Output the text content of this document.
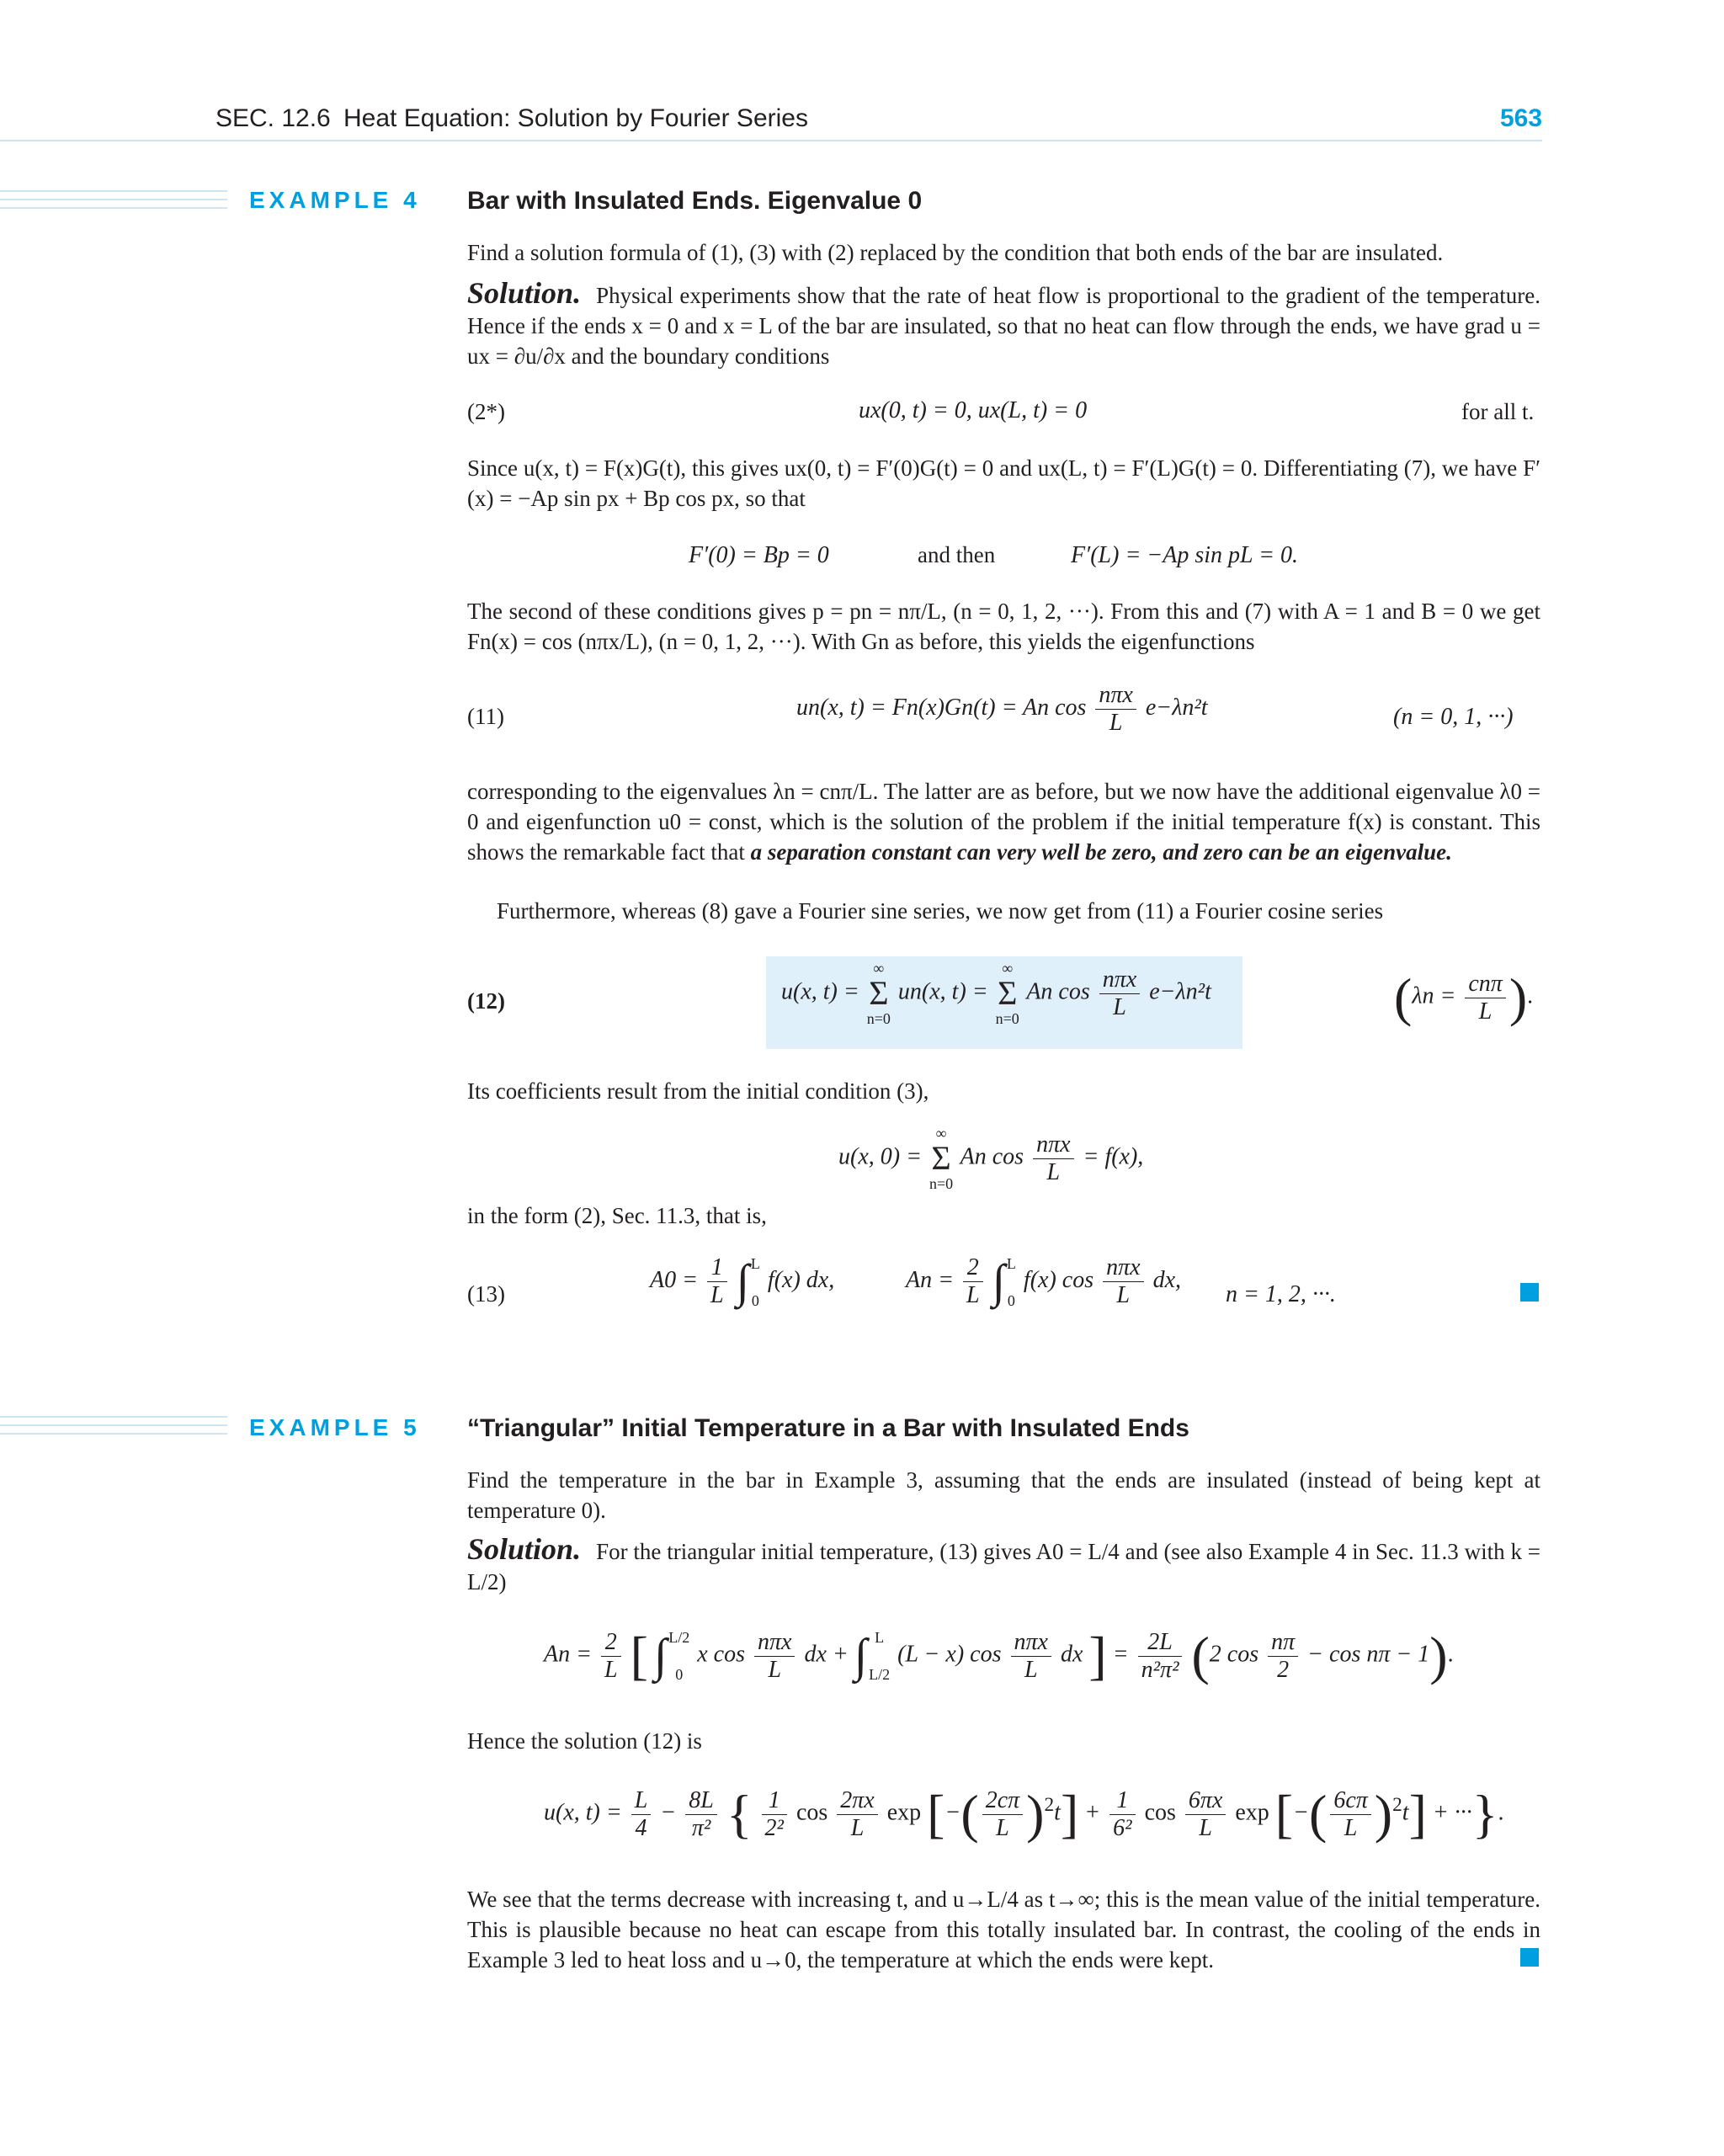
SEC. 12.6 Heat Equation: Solution by Fourier Series	563
EXAMPLE 4 Bar with Insulated Ends. Eigenvalue 0
Find a solution formula of (1), (3) with (2) replaced by the condition that both ends of the bar are insulated.
Solution. Physical experiments show that the rate of heat flow is proportional to the gradient of the temperature. Hence if the ends x = 0 and x = L of the bar are insulated, so that no heat can flow through the ends, we have grad u = ux = ∂u/∂x and the boundary conditions
(2*)	ux(0, t) = 0, ux(L, t) = 0	for all t.
Since u(x, t) = F(x)G(t), this gives ux(0, t) = F′(0)G(t) = 0 and ux(L, t) = F′(L)G(t) = 0. Differentiating (7), we have F′(x) = −Ap sin px + Bp cos px, so that
F′(0) = Bp = 0	and then	F′(L) = −Ap sin pL = 0.
The second of these conditions gives p = pn = nπ/L, (n = 0, 1, 2, ···). From this and (7) with A = 1 and B = 0 we get Fn(x) = cos (nπx/L), (n = 0, 1, 2, ···). With Gn as before, this yields the eigenfunctions
(11)	un(x, t) = Fn(x)Gn(t) = An $\cos \frac{\text{nπx}}{L} e-\lambda n^2t$	(n = 0, 1, ···)
corresponding to the eigenvalues λn = cnπ/L. The latter are as before, but we now have the additional eigenvalue λ0 = 0 and eigenfunction u0 = const, which is the solution of the problem if the initial temperature f(x) is constant. This shows the remarkable fact that a separation constant can very well be zero, and zero can be an eigenvalue.
Furthermore, whereas (8) gave a Fourier sine series, we now get from (11) a Fourier cosine series
(12)	u(x, t) =
∞
Σ
n=0
un(x, t) =
∞
Σ
n=0
An $\cos \frac{\text{nπx}}{L} e-\lambda n^2t$	($\lambda n = \frac{\text{cnπ}}{L}$ ).
Its coefficients result from the initial condition (3),
u(x, 0) =
∞
Σ
n=0
An $\cos \frac{\text{nπx}}{L} = f(x)$,
in the form (2), Sec. 11.3, that is,
(13)
$A0 = \frac{1}{L}$ ∫ L

0
f(x) dx,	$An = \frac{2}{L}$ ∫ L

0
f(x) $\cos \frac{\text{nπx}}{L}$ dx,
n = 1, 2, ···.
EXAMPLE 5 “Triangular” Initial Temperature in a Bar with Insulated Ends
Find the temperature in the bar in Example 3, assuming that the ends are insulated (instead of being kept at temperature 0).
Solution. For the triangular initial temperature, (13) gives A0 = L/4 and (see also Example 4 in Sec. 11.3 with k = L/2)
$An = \frac{2}{L}$ [ ∫ L/2

0
x $\cos \frac{\text{nπx}}{L}$ dx + ∫ L

L/2
(L − x) $\cos \frac{\text{nπx}}{L}$ dx ] = $\frac{2L}{\text{n²π²}} (2$ $\cos \frac{n\pi}{2} - \cos n\pi - 1$).
Hence the solution (12) is
u(x, $t) = \frac{L}{4} - \frac{8L}{\text{π²}}$ { $\frac{1}{\text{2²}}$ $\cos \frac{2\pi x}{L}$ exp [−( $\frac{2c\pi}{L} )^2t] + \frac{1}{\text{6²}}$ $\cos \frac{6\pi x}{L}$ exp [−( $\frac{6c\pi}{L} )^2t$] + ···}.
We see that the terms decrease with increasing t, and u→L/4 as t→∞; this is the mean value of the initial temperature. This is plausible because no heat can escape from this totally insulated bar. In contrast, the cooling of the ends in Example 3 led to heat loss and u→0, the temperature at which the ends were kept.
